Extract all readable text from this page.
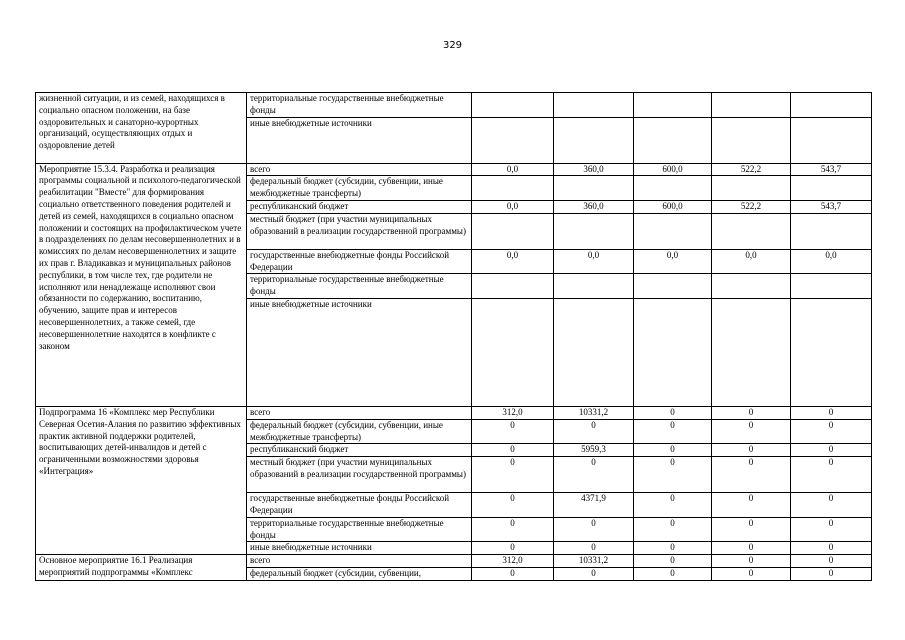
329
жизненной ситуации, и из семей, находящихся в социально опасном положении, на базе оздоровительных и санаторно-курортных организаций, осуществляющих отдых и оздоровление детей	территориальные государственные внебюджетные фонды					
	иные внебюджетные источники					
Мероприятие 15.3.4. Разработка и реализация программы социальной и психолого-педагогической реабилитации "Вместе" для формирования социально ответственного поведения родителей и детей из семей, находящихся в социально опасном положении и состоящих на профилактическом учете в подразделениях по делам несовершеннолетних и в комиссиях по делам несовершеннолетних и защите их прав г. Владикавказ и муниципальных районов республики, в том числе тех, где родители не исполняют или ненадлежаще исполняют свои обязанности по содержанию, воспитанию, обучению, защите прав и интересов несовершеннолетних, а также семей, где несовершеннолетние находятся в конфликте с законом	всего	0,0	360,0	600,0	522,2	543,7
	федеральный бюджет (субсидии, субвенции, иные межбюджетные трансферты)					
	республиканский бюджет	0,0	360,0	600,0	522,2	543,7
	местный бюджет (при участии муниципальных образований в реализации государственной программы)					
	государственные внебюджетные фонды Российской Федерации	0,0	0,0	0,0	0,0	0,0
	территориальные государственные внебюджетные фонды					
	иные внебюджетные источники					
Подпрограмма 16 «Комплекс мер Республики Северная Осетия-Алания по развитию эффективных практик активной поддержки родителей, воспитывающих детей-инвалидов и детей с ограниченными возможностями здоровья «Интеграция»	всего	312,0	10331,2	0	0	0
	федеральный бюджет (субсидии, субвенции, иные межбюджетные трансферты)	0	0	0	0	0
	республиканский бюджет	0	5959,3	0	0	0
	местный бюджет (при участии муниципальных образований в реализации государственной программы)	0	0	0	0	0
	государственные внебюджетные фонды Российской Федерации	0	4371,9	0	0	0
	территориальные государственные внебюджетные фонды	0	0	0	0	0
	иные внебюджетные источники	0	0	0	0	0
Основное мероприятие 16.1 Реализация мероприятий подпрограммы «Комплекс	всего	312,0	10331,2	0	0	0
	федеральный бюджет (субсидии, субвенции,	0	0	0	0	0
